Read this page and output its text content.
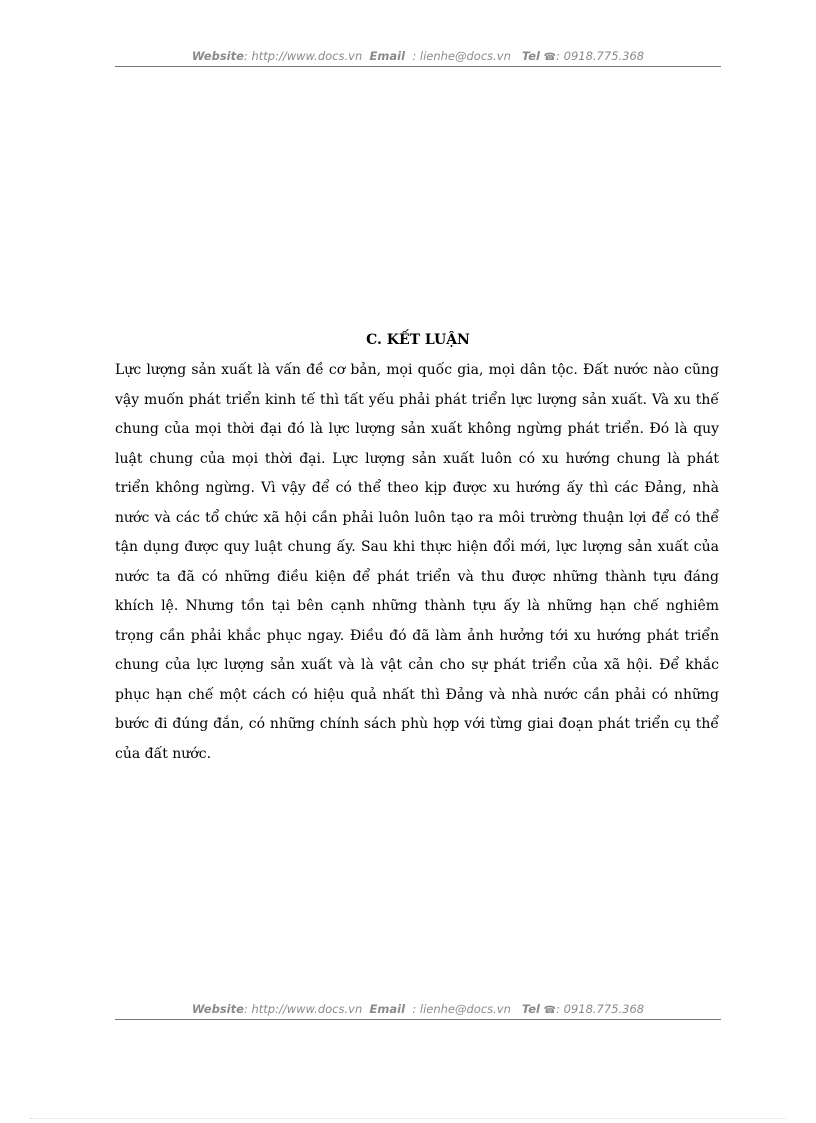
Website: http://www.docs.vn Email : lienhe@docs.vn Tel ☎: 0918.775.368
C. KẾT LUẬN
Lực lượng sản xuất là vấn đề cơ bản, mọi quốc gia, mọi dân tộc. Đất nước nào cũng vậy muốn phát triển kinh tế thì tất yếu phải phát triển lực lượng sản xuất. Và xu thế chung của mọi thời đại đó là lực lượng sản xuất không ngừng phát triển. Đó là quy luật chung của mọi thời đại. Lực lượng sản xuất luôn có xu hướng chung là phát triển không ngừng. Vì vậy để có thể theo kịp được xu hướng ấy thì các Đảng, nhà nước và các tổ chức xã hội cần phải luôn luôn tạo ra môi trường thuận lợi để có thể tận dụng được quy luật chung ấy. Sau khi thực hiện đổi mới, lực lượng sản xuất của nước ta đã có những điều kiện để phát triển và thu được những thành tựu đáng khích lệ. Nhưng tồn tại bên cạnh những thành tựu ấy là những hạn chế nghiêm trọng cần phải khắc phục ngay. Điều đó đã làm ảnh hưởng tới xu hướng phát triển chung của lực lượng sản xuất và là vật cản cho sự phát triển của xã hội. Để khắc phục hạn chế một cách có hiệu quả nhất thì Đảng và nhà nước cần phải có những bước đi đúng đắn, có những chính sách phù hợp với từng giai đoạn phát triển cụ thể của đất nước.
Website: http://www.docs.vn Email : lienhe@docs.vn Tel ☎: 0918.775.368
